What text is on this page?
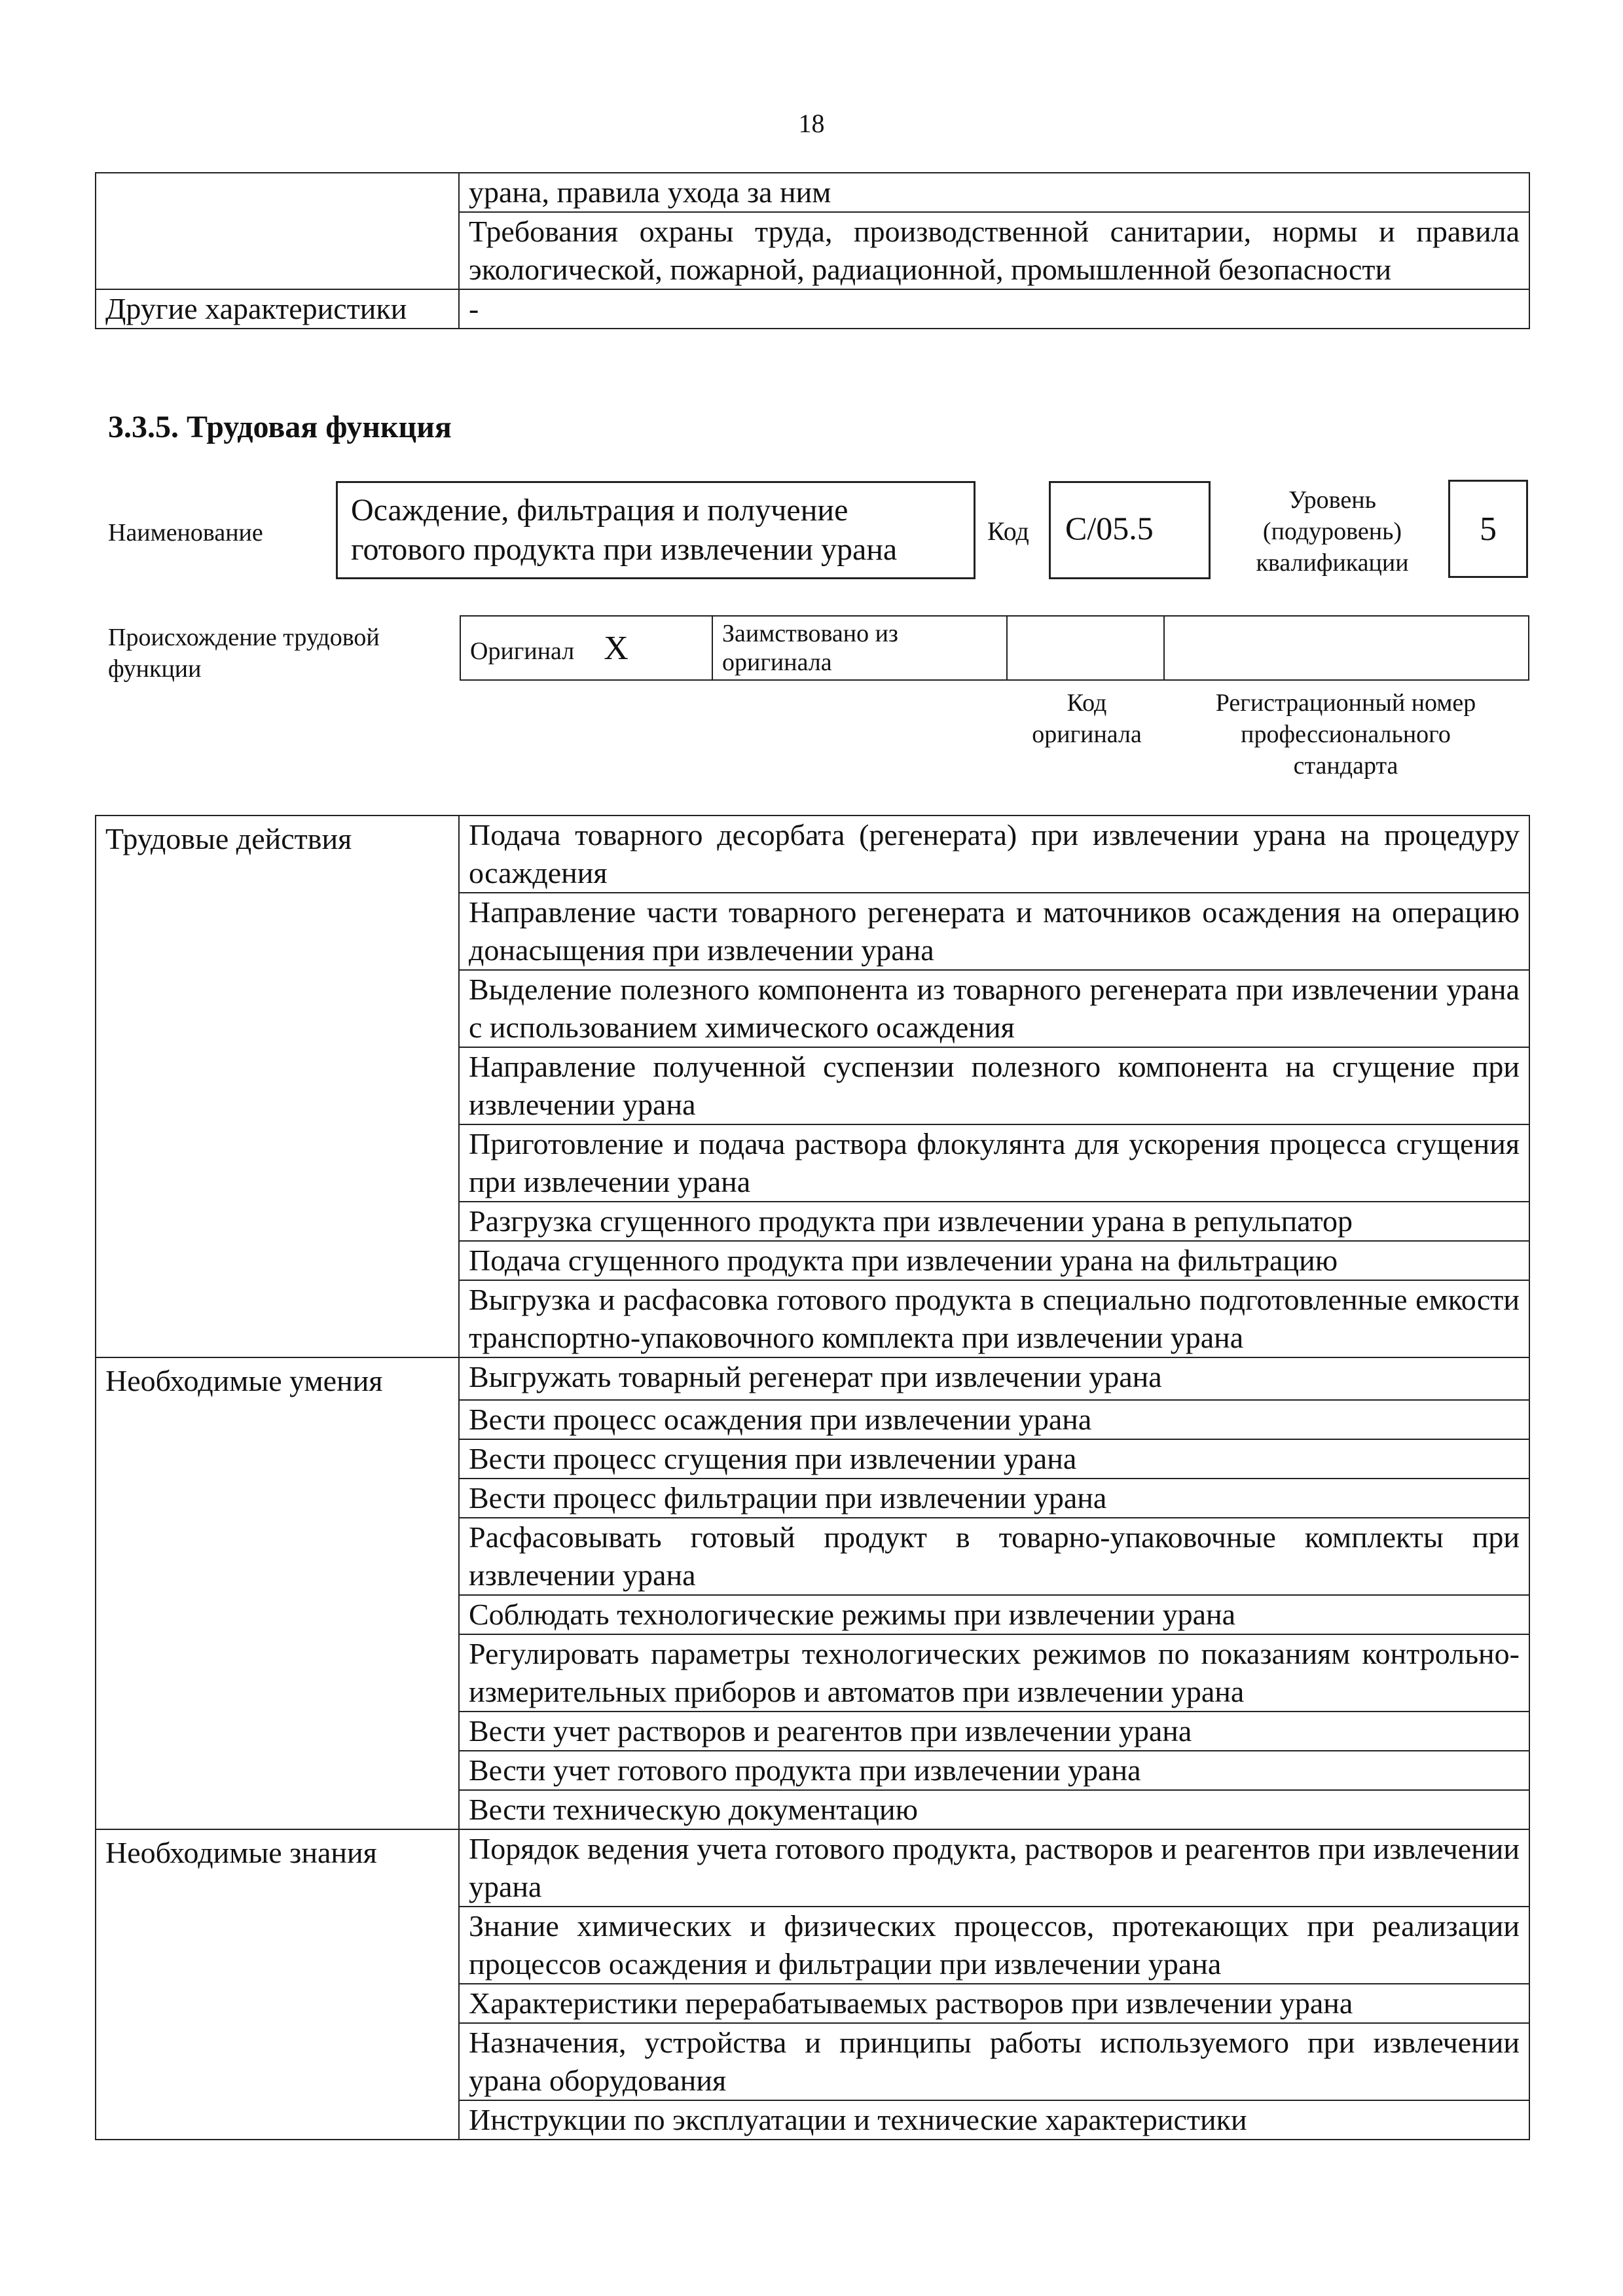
18
	урана, правила ухода за ним
	Требования охраны труда, производственной санитарии, нормы и правила экологической, пожарной, радиационной, промышленной безопасности
Другие характеристики	-
3.3.5. Трудовая функция
Наименование
Осаждение, фильтрация и получение готового продукта при извлечении урана
Код	C/05.5
Уровень
(подуровень)
квалификации
5
Происхождение трудовой
функции
Оригинал X	Заимствовано из
оригинала

Код
оригинала
Регистрационный номер
профессионального
стандарта
Трудовые действия	Подача товарного десорбата (регенерата) при извлечении урана на процедуру осаждения
	Направление части товарного регенерата и маточников осаждения на операцию донасыщения при извлечении урана
	Выделение полезного компонента из товарного регенерата при извлечении урана с использованием химического осаждения
	Направление полученной суспензии полезного компонента на сгущение при извлечении урана
	Приготовление и подача раствора флокулянта для ускорения процесса сгущения при извлечении урана
	Разгрузка сгущенного продукта при извлечении урана в репульпатор
	Подача сгущенного продукта при извлечении урана на фильтрацию
	Выгрузка и расфасовка готового продукта в специально подготовленные емкости транспортно-упаковочного комплекта при извлечении урана
Необходимые умения	Выгружать товарный регенерат при извлечении урана
	Вести процесс осаждения при извлечении урана
	Вести процесс сгущения при извлечении урана
	Вести процесс фильтрации при извлечении урана
	Расфасовывать готовый продукт в товарно-упаковочные комплекты при извлечении урана
	Соблюдать технологические режимы при извлечении урана
	Регулировать параметры технологических режимов по показаниям контрольно-измерительных приборов и автоматов при извлечении урана
	Вести учет растворов и реагентов при извлечении урана
	Вести учет готового продукта при извлечении урана
	Вести техническую документацию
Необходимые знания	Порядок ведения учета готового продукта, растворов и реагентов при извлечении урана
	Знание химических и физических процессов, протекающих при реализации процессов осаждения и фильтрации при извлечении урана
	Характеристики перерабатываемых растворов при извлечении урана
	Назначения, устройства и принципы работы используемого при извлечении урана оборудования
	Инструкции по эксплуатации и технические характеристики
